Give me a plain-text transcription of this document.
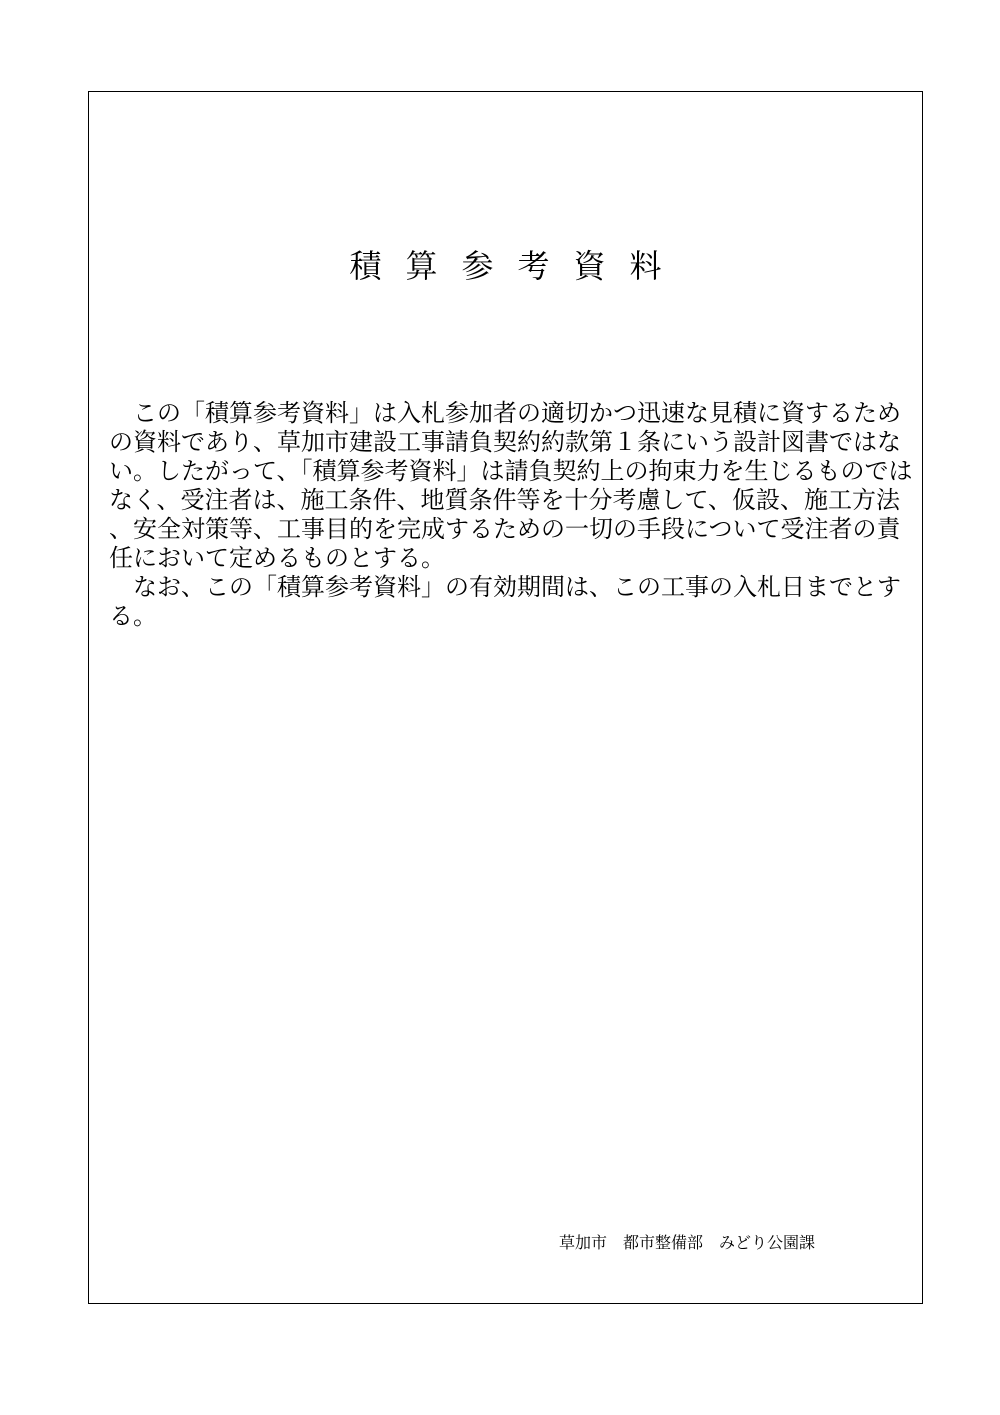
積算参考資料

この「積算参考資料」は入札参加者の適切かつ迅速な見積に資するための資料であり、草加市建設工事請負契約約款第１条にいう設計図書ではない。したがって、「積算参考資料」は請負契約上の拘束力を生じるものではなく、受注者は、施工条件、地質条件等を十分考慮して、仮設、施工方法、安全対策等、工事目的を完成するための一切の手段について受注者の責任において定めるものとする。

なお、この「積算参考資料」の有効期間は、この工事の入札日までとする。

草加市　都市整備部　みどり公園課
